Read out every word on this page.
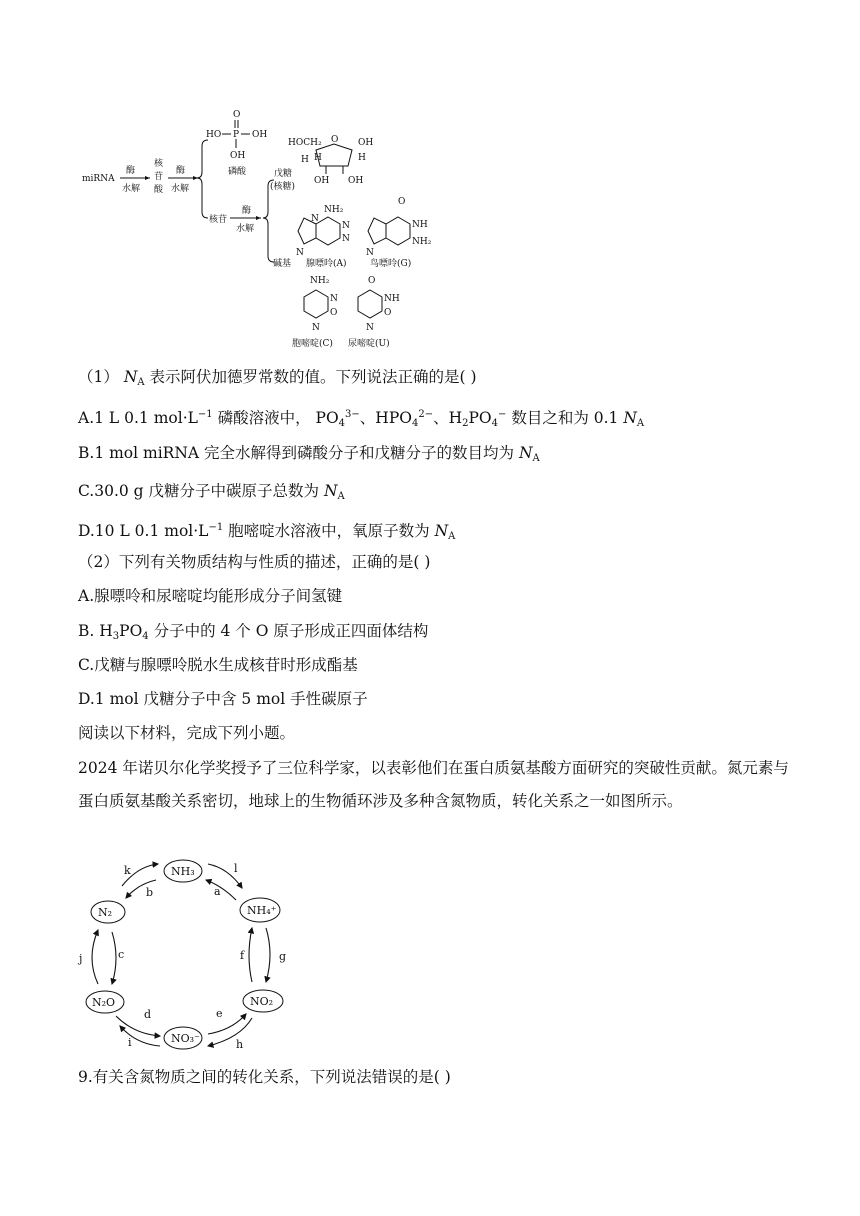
miRNA
酶
水解
核
苷
酸
酶
水解
HO P
O
OH
OH
磷酸
HOCH₂ O OH
H	H
H
OH OH
核苷
酶
水解
戊糖
(核糖)
碱基
NH₂
N
N
N
N
腺嘌呤(A)
O
NH
NH₂
N
鸟嘌呤(G)
NH₂
N
O
N
胞嘧啶(C)
O
NH
O
N
尿嘧啶(U)
（1） $N_A$ 表示阿伏加德罗常数的值。下列说法正确的是( )
A.1 L 0.1 $mol\cdot L^{-1}$ 磷酸溶液中， $PO_4^{3-}$、$HPO_4^{2-}$、$H_2PO_4^-$ 数目之和为 0.1 $N_A$
B.1 mol miRNA 完全水解得到磷酸分子和戊糖分子的数目均为 $N_A$
C.30.0 g 戊糖分子中碳原子总数为 $N_A$
D.10 L 0.1 $mol\cdot L^{-1}$ 胞嘧啶水溶液中，氧原子数为 $N_A$
（2）下列有关物质结构与性质的描述，正确的是( )
A.腺嘌呤和尿嘧啶均能形成分子间氢键
B. $H_3PO_4$ 分子中的 4 个 O 原子形成正四面体结构
C.戊糖与腺嘌呤脱水生成核苷时形成酯基
D.1 mol 戊糖分子中含 5 mol 手性碳原子
阅读以下材料，完成下列小题。
2024 年诺贝尔化学奖授予了三位科学家，以表彰他们在蛋白质氨基酸方面研究的突破性贡献。氮元素与蛋白质氨基酸关系密切，地球上的生物循环涉及多种含氮物质，转化关系之一如图所示。
NH₃
N₂	NH₄⁺
N₂O	NO₂
NO₃⁻
k
b
l
a
j	c	f	g
d
i
e
h
9.有关含氮物质之间的转化关系，下列说法错误的是( )
